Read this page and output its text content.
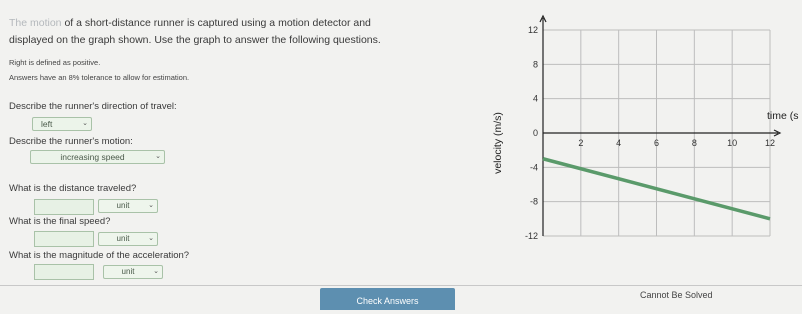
The motion of a short-distance runner is captured using a motion detector and
displayed on the graph shown. Use the graph to answer the following questions.
Right is defined as positive.
Answers have an 8% tolerance to allow for estimation.
Describe the runner's direction of travel:
left	⌄
Describe the runner's motion:
increasing speed	⌄
What is the distance traveled?
unit	⌄
What is the final speed?
unit	⌄
What is the magnitude of the acceleration?
unit	⌄
12
8
4
0
-4
-8
-12
2	4	6	8	10	12
time (s
velocity (m/s)
Check Answers
Cannot Be Solved
